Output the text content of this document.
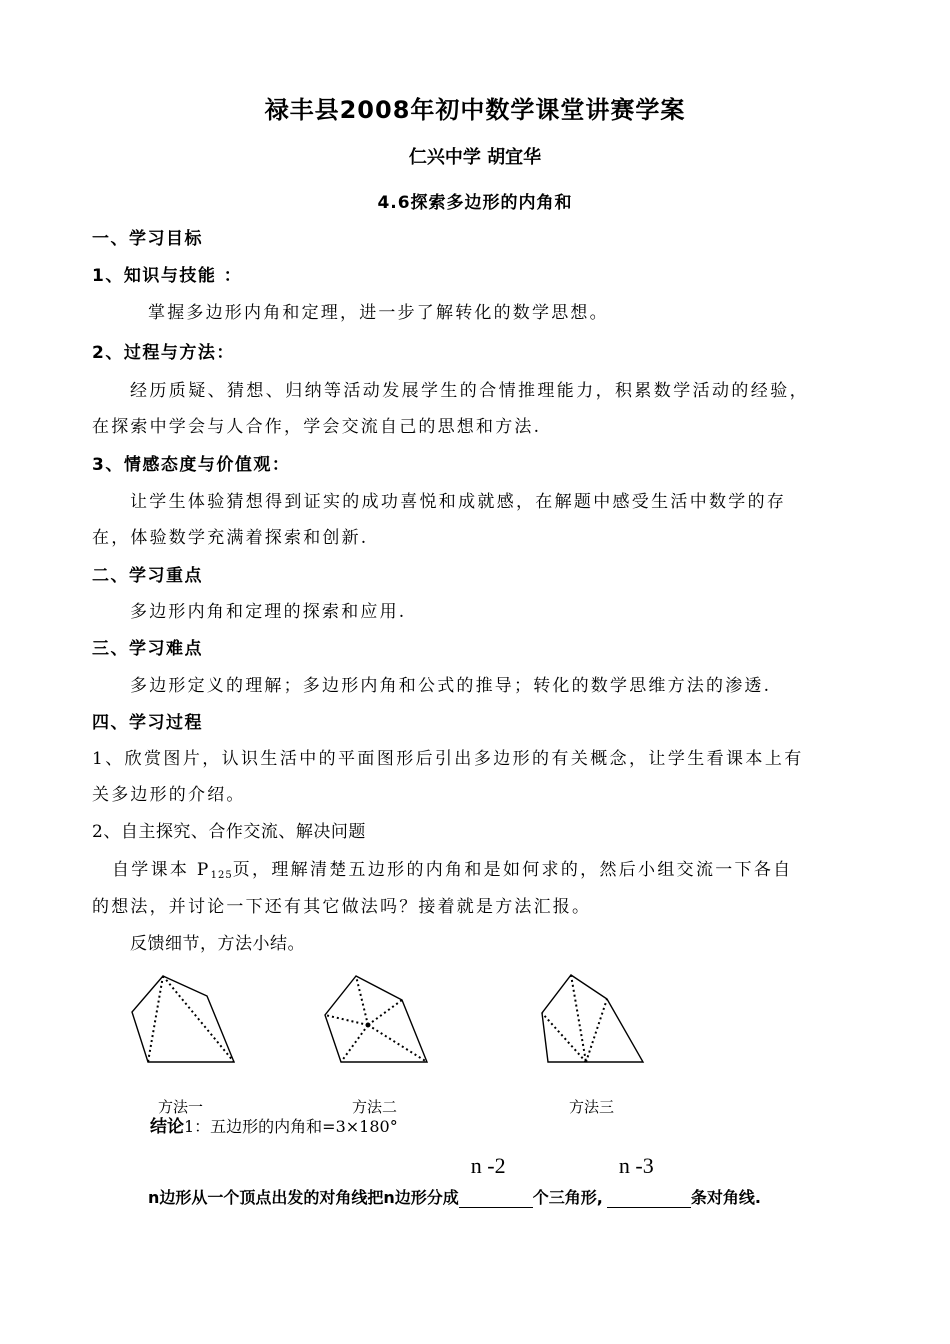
禄丰县2008年初中数学课堂讲赛学案
仁兴中学 胡宜华
4.6探索多边形的内角和
一、学习目标
1、知识与技能 ：
掌握多边形内角和定理，进一步了解转化的数学思想。
2、过程与方法：
经历质疑、猜想、归纳等活动发展学生的合情推理能力，积累数学活动的经验，
在探索中学会与人合作，学会交流自己的思想和方法.
3、情感态度与价值观：
让学生体验猜想得到证实的成功喜悦和成就感，在解题中感受生活中数学的存
在，体验数学充满着探索和创新.
二、学习重点
多边形内角和定理的探索和应用.
三、学习难点
多边形定义的理解；多边形内角和公式的推导；转化的数学思维方法的渗透.
四、学习过程
1、欣赏图片，认识生活中的平面图形后引出多边形的有关概念，让学生看课本上有
关多边形的介绍。
2、自主探究、合作交流、解决问题
自学课本 $P_{125}$页，理解清楚五边形的内角和是如何求的，然后小组交流一下各自
的想法，并讨论一下还有其它做法吗？接着就是方法汇报。
反馈细节，方法小结。
方法一	方法二	方法三
结论1：五边形的内角和=3×180°
n边形从一个顶点出发的对角线把n边形分成
n -2
个三角形,
n -3
条对角线.
